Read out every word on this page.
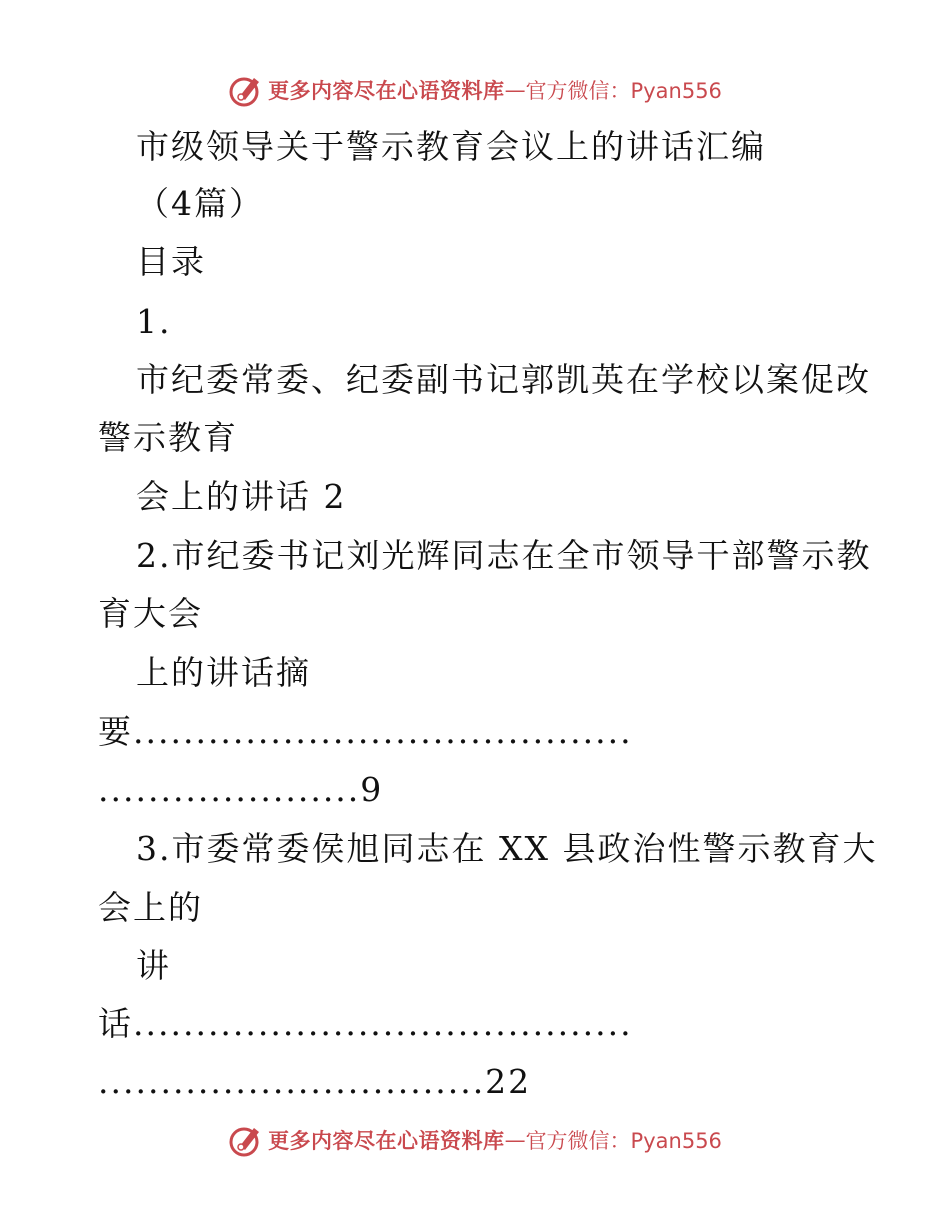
更多内容尽在心语资料库 — 官方微信：Pyan556
市级领导关于警示教育会议上的讲话汇编
（4篇）
目录
1.
市纪委常委、纪委副书记郭凯英在学校以案促改
警示教育
会上的讲话 2
2.市纪委书记刘光辉同志在全市领导干部警示教
育大会
上的讲话摘
要........................................
.....................9
3.市委常委侯旭同志在 XX 县政治性警示教育大
会上的
讲
话........................................
...............................22
更多内容尽在心语资料库 — 官方微信：Pyan556
